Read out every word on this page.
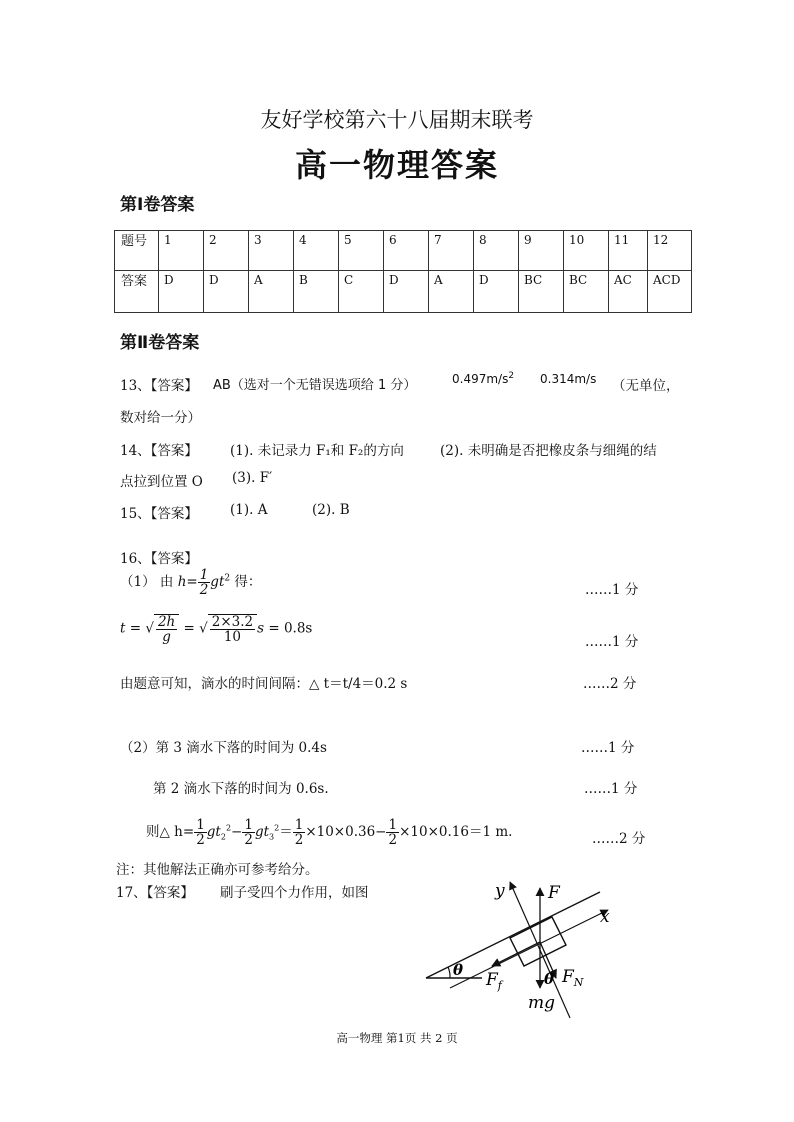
友好学校第六十八届期末联考
高一物理答案
第Ⅰ卷答案
题号	1	2	3	4	5	6	7	8	9	10	11	12
答案	D	D	A	B	C	D	A	D	BC	BC	AC	ACD
第Ⅱ卷答案
13、【答案】 AB（选对一个无错误选项给 1 分）	$0.497m/s^2$ 0.314m/s （无单位，
数对给一分）
14、【答案】 (1). 未记录力 F₁和 F₂的方向	(2). 未明确是否把橡皮条与细绳的结
点拉到位置 O (3). F′
15、【答案】 (1). A	(2). B
16、【答案】
（1） 由 $h= \frac{1}{2} gt^2$ 得：	……1 分
t = √ $\frac{2h}{g}$ = √ $\frac{2\times 3.2}{10}$ s = 0.8s
……1 分
由题意可知，滴水的时间间隔：△ t＝t/4＝0.2 s	……2 分
（2）第 3 滴水下落的时间为 0.4s	……1 分
第 2 滴水下落的时间为 0.6s.	……1 分
则△ $h= \frac{1}{2} gt_2^2- \frac{1}{2} gt_3^2= \frac{1}{2} \times 10\times 0.36- \frac{1}{2} \times 10\times 0.16=1$ m.	……2 分
注：其他解法正确亦可参考给分。
17、【答案】 刷子受四个力作用，如图	y	F
x
θ $F_f$	θ $F_N$
mg
高一物理 第1页 共 2 页
